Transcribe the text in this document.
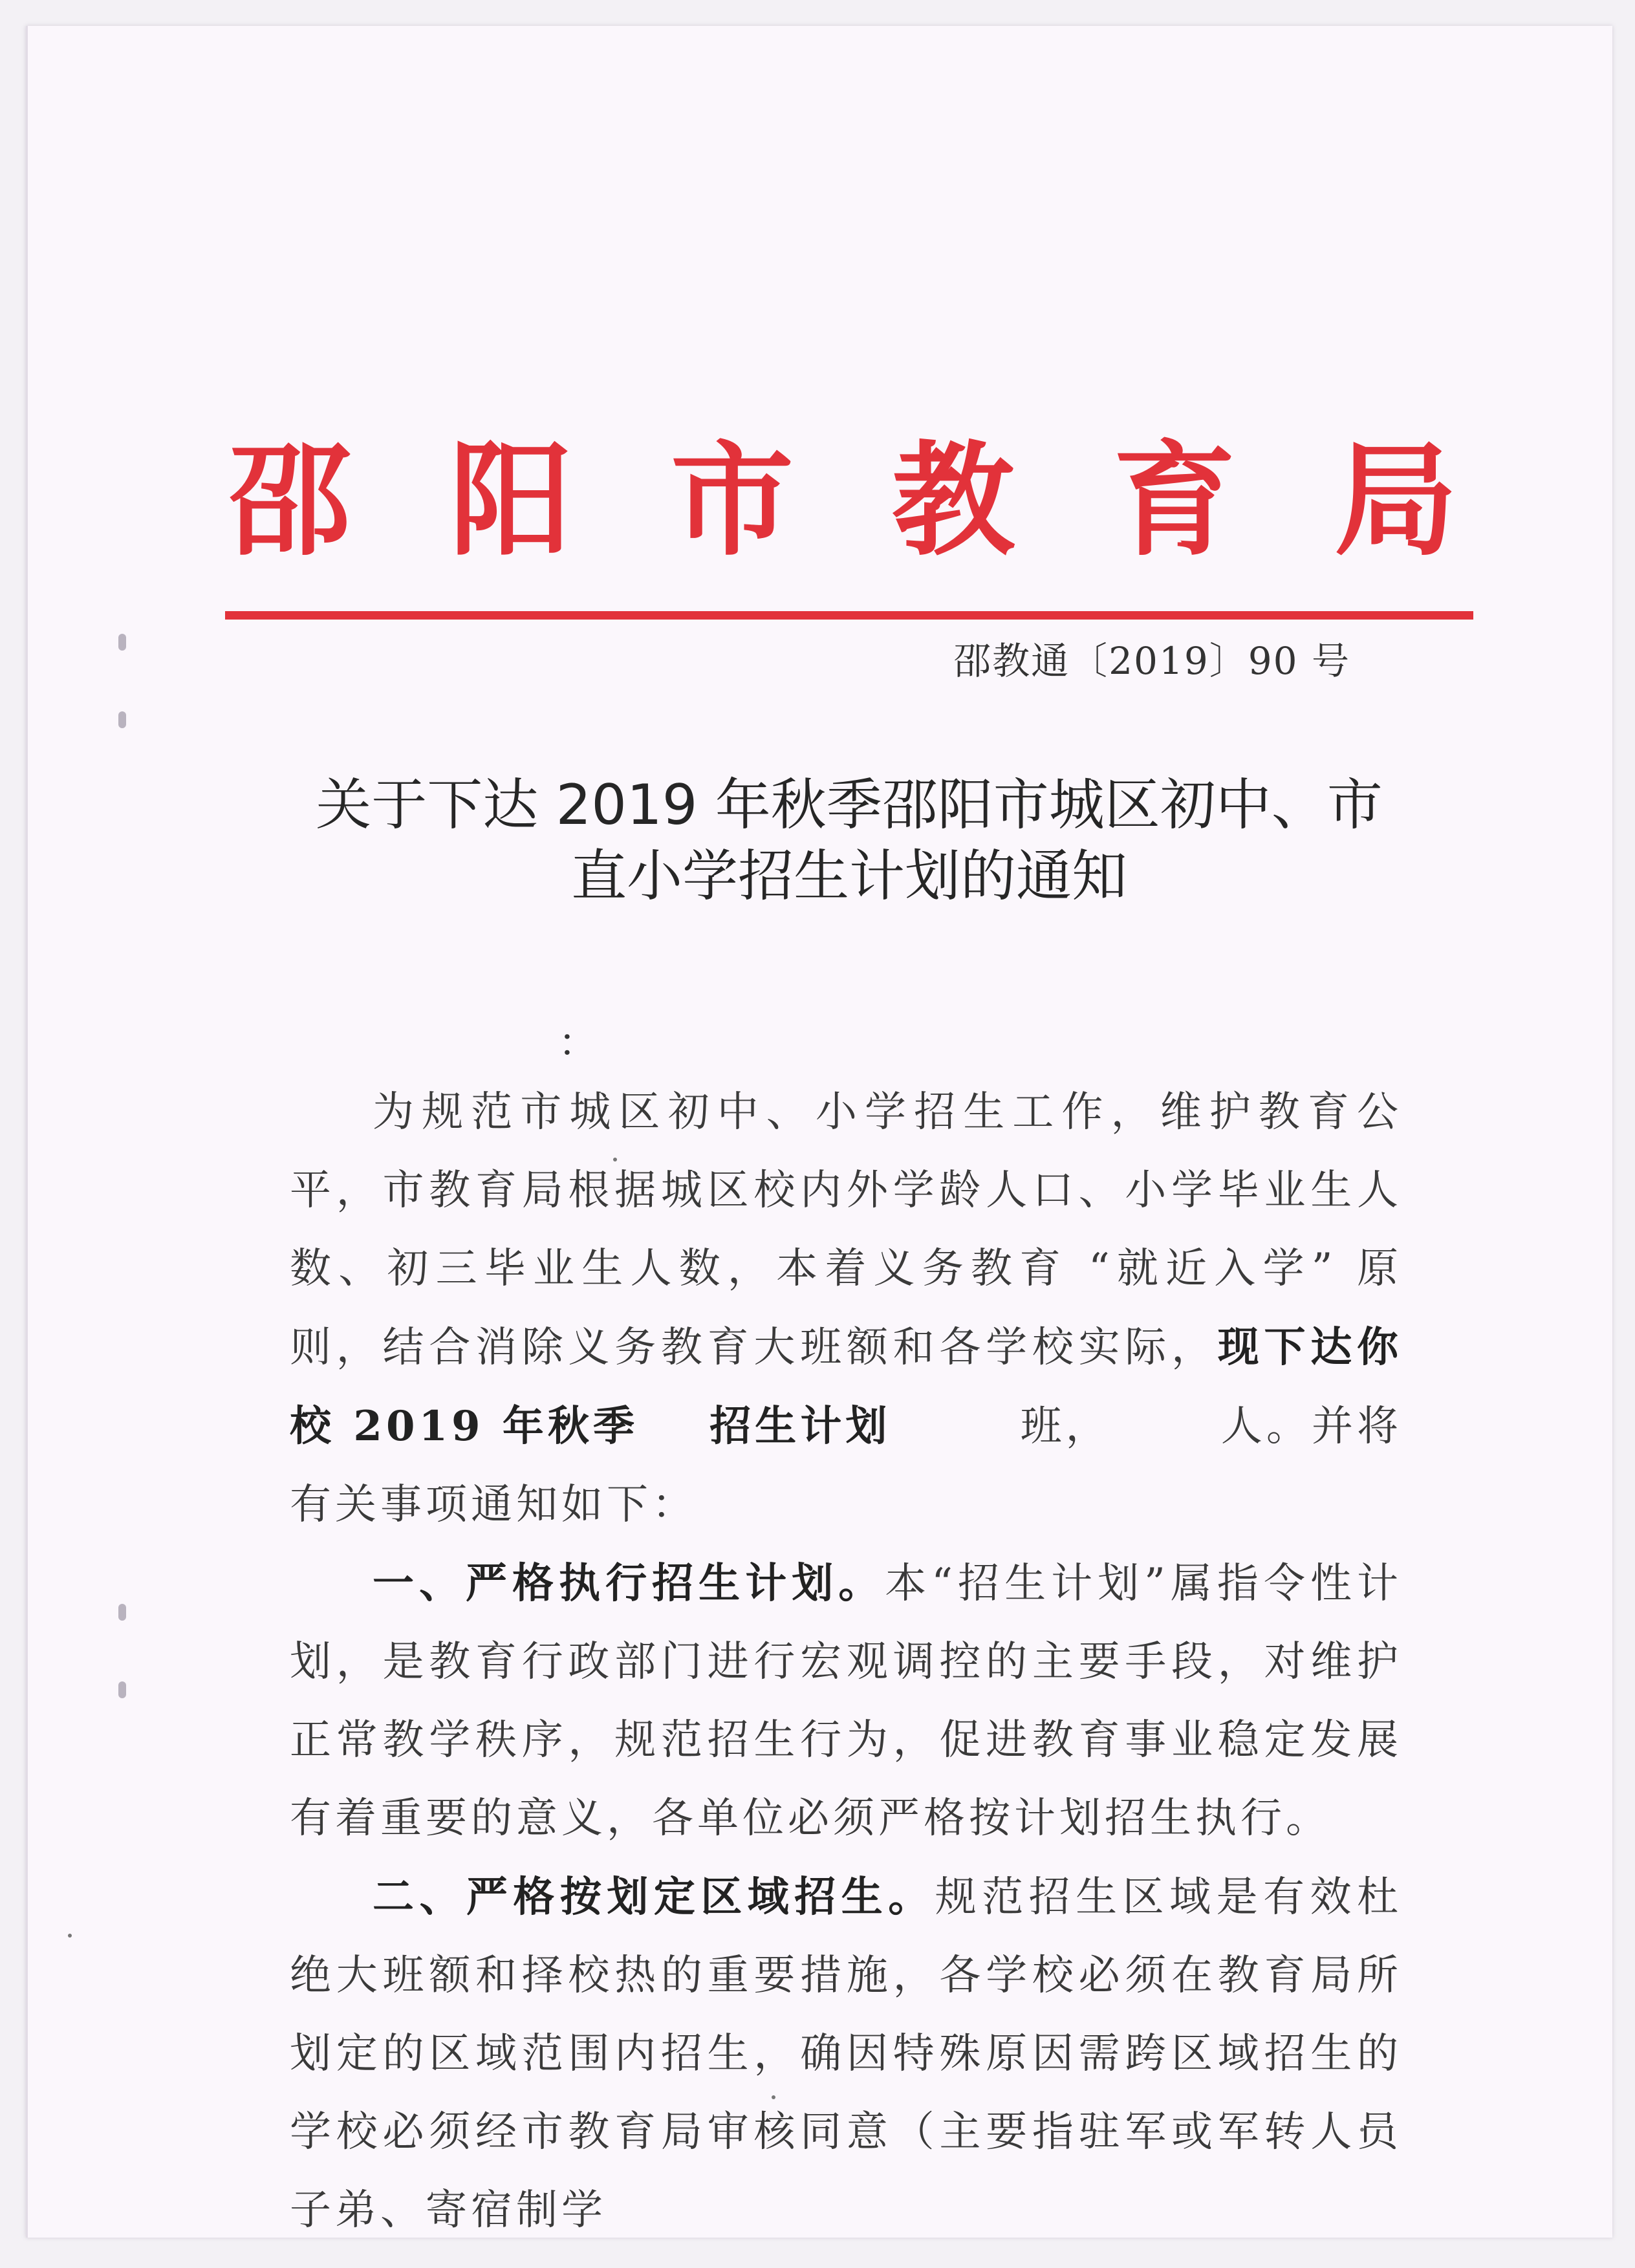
邵 阳 市 教 育 局
邵教通〔2019〕90 号
关于下达 2019 年秋季邵阳市城区初中、市
直小学招生计划的通知
：

为规范市城区初中、小学招生工作，维护教育公平，市教育局根据城区校内外学龄人口、小学毕业生人数、初三毕业生人数，本着义务教育 “就近入学” 原则，结合消除义务教育大班额和各学校实际，现下达你校 2019 年秋季 招生计划	班，	人。并将有关事项通知如下：

一、严格执行招生计划。本“招生计划”属指令性计划，是教育行政部门进行宏观调控的主要手段，对维护正常教学秩序，规范招生行为，促进教育事业稳定发展有着重要的意义，各单位必须严格按计划招生执行。

二、严格按划定区域招生。规范招生区域是有效杜绝大班额和择校热的重要措施，各学校必须在教育局所划定的区域范围内招生，确因特殊原因需跨区域招生的学校必须经市教育局审核同意（主要指驻军或军转人员子弟、寄宿制学
